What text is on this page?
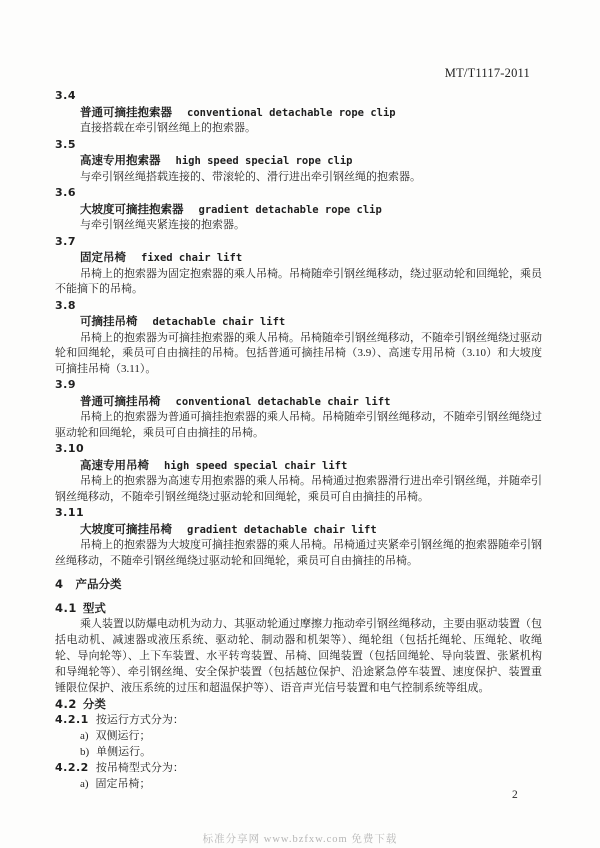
MT/T1117-2011
3.4
普通可摘挂抱索器 conventional detachable rope clip

直接搭载在牵引钢丝绳上的抱索器。

3.5
高速专用抱索器 high speed special rope clip

与牵引钢丝绳搭载连接的、带滚轮的、滑行进出牵引钢丝绳的抱索器。

3.6
大坡度可摘挂抱索器 gradient detachable rope clip

与牵引钢丝绳夹紧连接的抱索器。

3.7
固定吊椅 fixed chair lift

吊椅上的抱索器为固定抱索器的乘人吊椅。吊椅随牵引钢丝绳移动，绕过驱动轮和回绳轮，乘员不能摘下的吊椅。

3.8
可摘挂吊椅 detachable chair lift

吊椅上的抱索器为可摘挂抱索器的乘人吊椅。吊椅随牵引钢丝绳移动，不随牵引钢丝绳绕过驱动轮和回绳轮，乘员可自由摘挂的吊椅。包括普通可摘挂吊椅（3.9）、高速专用吊椅（3.10）和大坡度可摘挂吊椅（3.11）。

3.9
普通可摘挂吊椅 conventional detachable chair lift

吊椅上的抱索器为普通可摘挂抱索器的乘人吊椅。吊椅随牵引钢丝绳移动，不随牵引钢丝绳绕过驱动轮和回绳轮，乘员可自由摘挂的吊椅。

3.10
高速专用吊椅 high speed special chair lift

吊椅上的抱索器为高速专用抱索器的乘人吊椅。吊椅通过抱索器滑行进出牵引钢丝绳，并随牵引钢丝绳移动，不随牵引钢丝绳绕过驱动轮和回绳轮，乘员可自由摘挂的吊椅。

3.11
大坡度可摘挂吊椅 gradient detachable chair lift

吊椅上的抱索器为大坡度可摘挂抱索器的乘人吊椅。吊椅通过夹紧牵引钢丝绳的抱索器随牵引钢丝绳移动，不随牵引钢丝绳绕过驱动轮和回绳轮，乘员可自由摘挂的吊椅。

4 产品分类
4.1 型式

乘人装置以防爆电动机为动力、其驱动轮通过摩擦力拖动牵引钢丝绳移动，主要由驱动装置（包括电动机、减速器或液压系统、驱动轮、制动器和机架等）、绳轮组（包括托绳轮、压绳轮、收绳轮、导向轮等）、上下车装置、水平转弯装置、吊椅、回绳装置（包括回绳轮、导向装置、张紧机构和导绳轮等）、牵引钢丝绳、安全保护装置（包括越位保护、沿途紧急停车装置、速度保护、装置重锤限位保护、液压系统的过压和超温保护等）、语音声光信号装置和电气控制系统等组成。

4.2 分类
4.2.1 按运行方式分为：
a) 双侧运行；
b) 单侧运行。
4.2.2 按吊椅型式分为：
a) 固定吊椅；
2
标准分享网 www.bzfxw.com 免费下载
